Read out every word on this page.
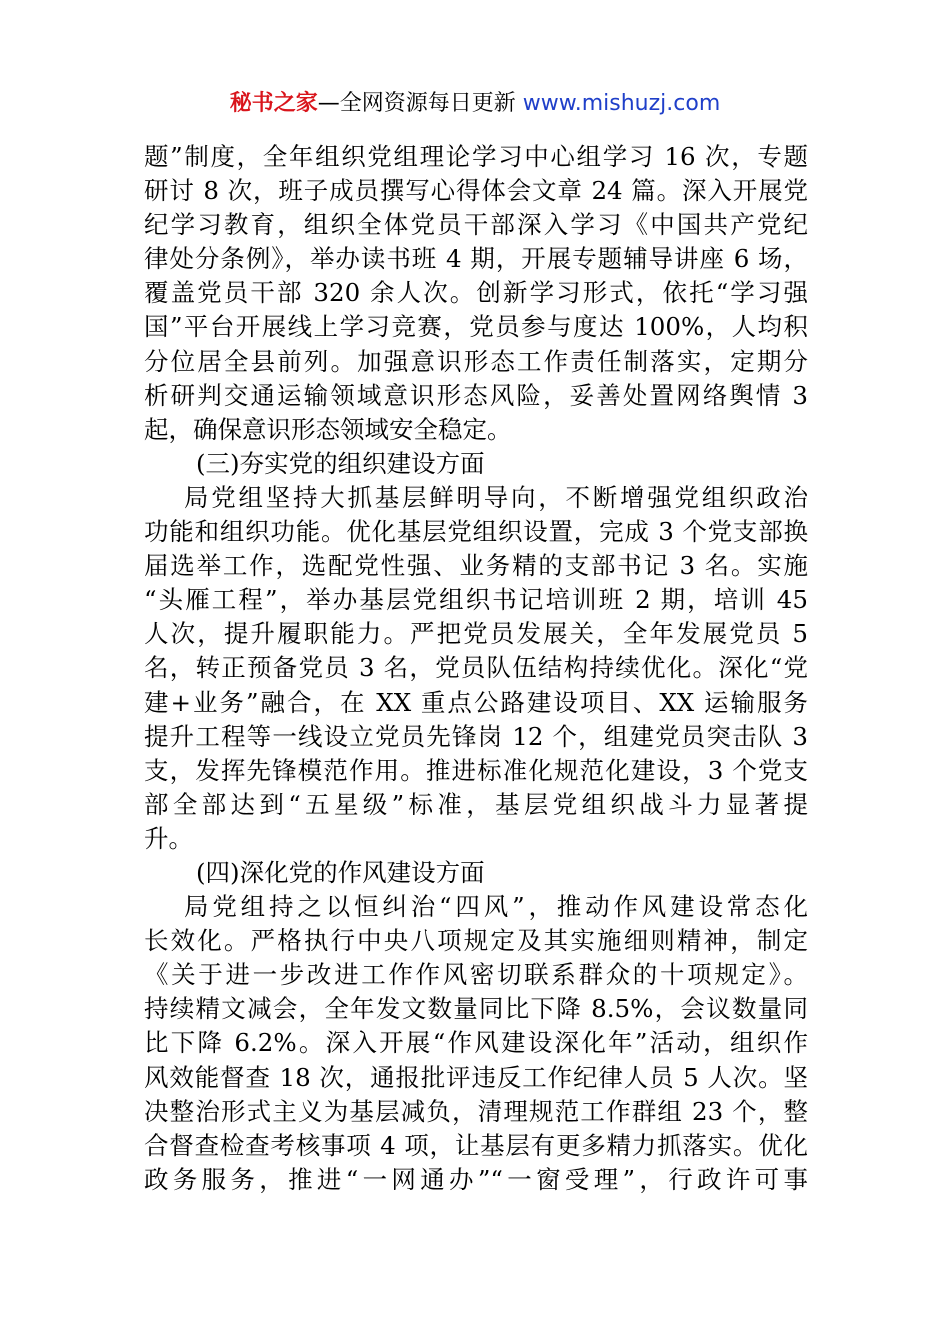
秘书之家—全网资源每日更新 www.mishuzj.com
题”制度，全年组织党组理论学习中心组学习 16 次，专题
研讨 8 次，班子成员撰写心得体会文章 24 篇。深入开展党
纪学习教育，组织全体党员干部深入学习《中国共产党纪
律处分条例》，举办读书班 4 期，开展专题辅导讲座 6 场，
覆盖党员干部 320 余人次。创新学习形式，依托“学习强
国”平台开展线上学习竞赛，党员参与度达 100%，人均积
分位居全县前列。加强意识形态工作责任制落实，定期分
析研判交通运输领域意识形态风险，妥善处置网络舆情 3
起，确保意识形态领域安全稳定。
(三)夯实党的组织建设方面
局党组坚持大抓基层鲜明导向，不断增强党组织政治
功能和组织功能。优化基层党组织设置，完成 3 个党支部换
届选举工作，选配党性强、业务精的支部书记 3 名。实施
“头雁工程”，举办基层党组织书记培训班 2 期，培训 45
人次，提升履职能力。严把党员发展关，全年发展党员 5
名，转正预备党员 3 名，党员队伍结构持续优化。深化“党
建+业务”融合，在 XX 重点公路建设项目、XX 运输服务
提升工程等一线设立党员先锋岗 12 个，组建党员突击队 3
支，发挥先锋模范作用。推进标准化规范化建设，3 个党支
部全部达到“五星级”标准，基层党组织战斗力显著提
升。
(四)深化党的作风建设方面
局党组持之以恒纠治“四风”，推动作风建设常态化
长效化。严格执行中央八项规定及其实施细则精神，制定
《关于进一步改进工作作风密切联系群众的十项规定》。
持续精文减会，全年发文数量同比下降 8.5%，会议数量同
比下降 6.2%。深入开展“作风建设深化年”活动，组织作
风效能督查 18 次，通报批评违反工作纪律人员 5 人次。坚
决整治形式主义为基层减负，清理规范工作群组 23 个，整
合督查检查考核事项 4 项，让基层有更多精力抓落实。优化
政务服务，推进“一网通办”“一窗受理”，行政许可事
